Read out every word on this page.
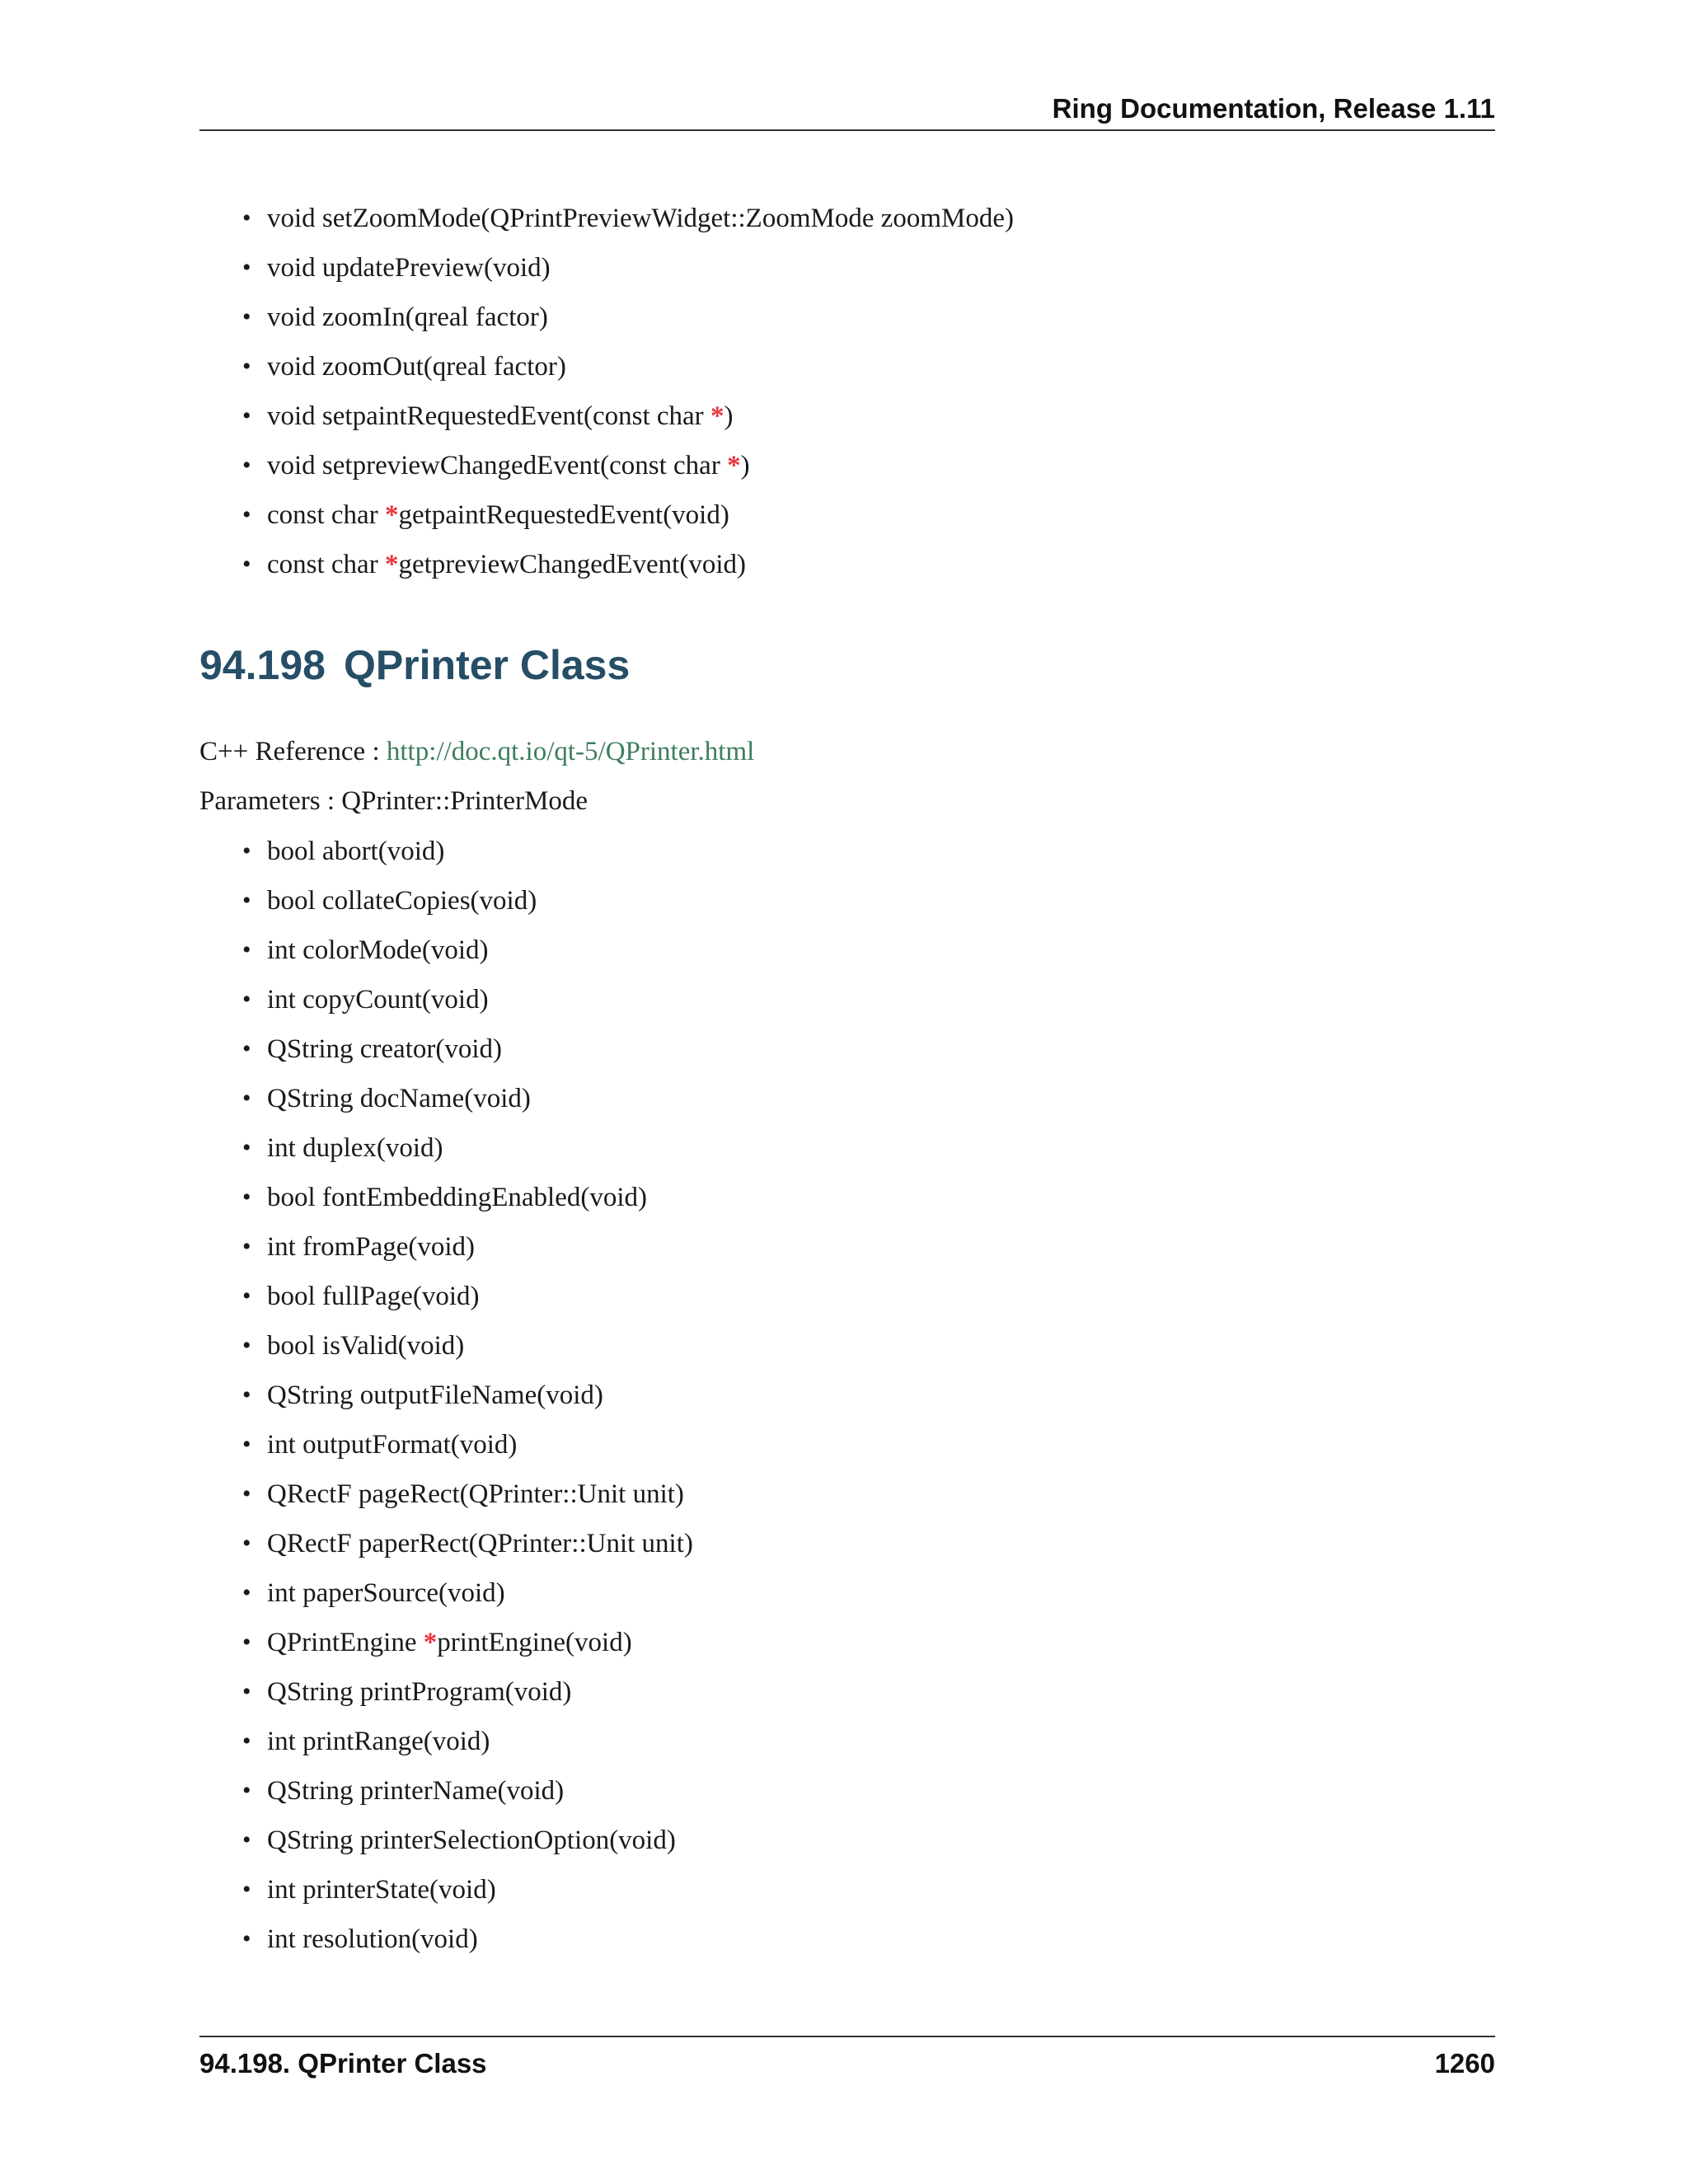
Ring Documentation, Release 1.11
• void setZoomMode(QPrintPreviewWidget::ZoomMode zoomMode)
• void updatePreview(void)
• void zoomIn(qreal factor)
• void zoomOut(qreal factor)
• void setpaintRequestedEvent(const char *)
• void setpreviewChangedEvent(const char *)
• const char *getpaintRequestedEvent(void)
• const char *getpreviewChangedEvent(void)
94.198 QPrinter Class
C++ Reference : http://doc.qt.io/qt-5/QPrinter.html
Parameters : QPrinter::PrinterMode
• bool abort(void)
• bool collateCopies(void)
• int colorMode(void)
• int copyCount(void)
• QString creator(void)
• QString docName(void)
• int duplex(void)
• bool fontEmbeddingEnabled(void)
• int fromPage(void)
• bool fullPage(void)
• bool isValid(void)
• QString outputFileName(void)
• int outputFormat(void)
• QRectF pageRect(QPrinter::Unit unit)
• QRectF paperRect(QPrinter::Unit unit)
• int paperSource(void)
• QPrintEngine *printEngine(void)
• QString printProgram(void)
• int printRange(void)
• QString printerName(void)
• QString printerSelectionOption(void)
• int printerState(void)
• int resolution(void)
94.198. QPrinter Class	1260
